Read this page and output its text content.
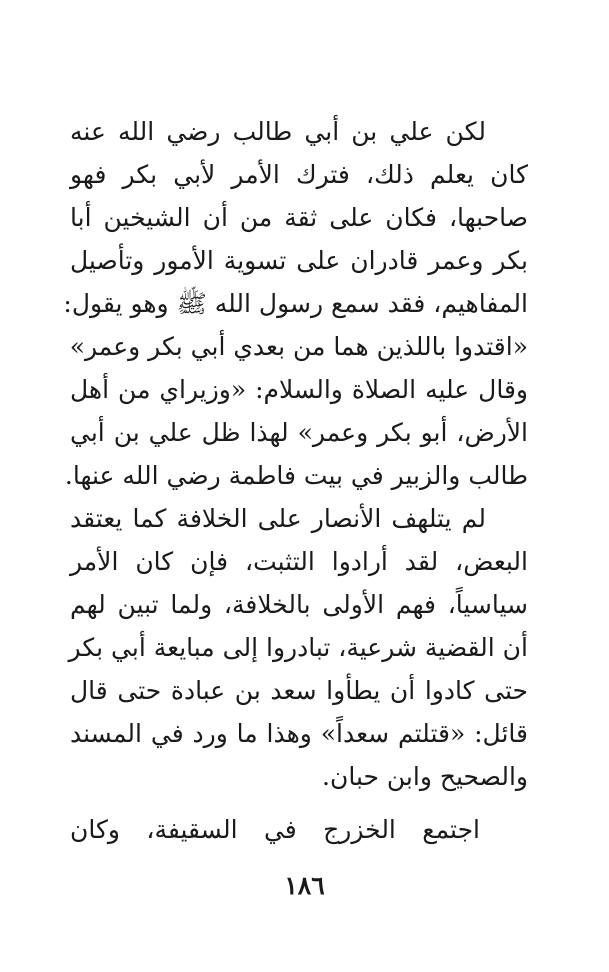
لكن علي بن أبي طالب رضي الله عنه
كان يعلم ذلك، فترك الأمر لأبي بكر فهو
صاحبها، فكان على ثقة من أن الشيخين أبا
بكر وعمر قادران على تسوية الأمور وتأصيل
المفاهيم، فقد سمع رسول الله ﷺ وهو يقول:
«اقتدوا باللذين هما من بعدي أبي بكر وعمر»
وقال عليه الصلاة والسلام: «وزيراي من أهل
الأرض، أبو بكر وعمر» لهذا ظل علي بن أبي
طالب والزبير في بيت فاطمة رضي الله عنها.
لم يتلهف الأنصار على الخلافة كما يعتقد
البعض، لقد أرادوا التثبت، فإن كان الأمر
سياسياً، فهم الأولى بالخلافة، ولما تبين لهم
أن القضية شرعية، تبادروا إلى مبايعة أبي بكر
حتى كادوا أن يطأوا سعد بن عبادة حتى قال
قائل: «قتلتم سعداً» وهذا ما ورد في المسند
والصحيح وابن حبان.
اجتمع الخزرج في السقيفة، وكان
١٨٦
